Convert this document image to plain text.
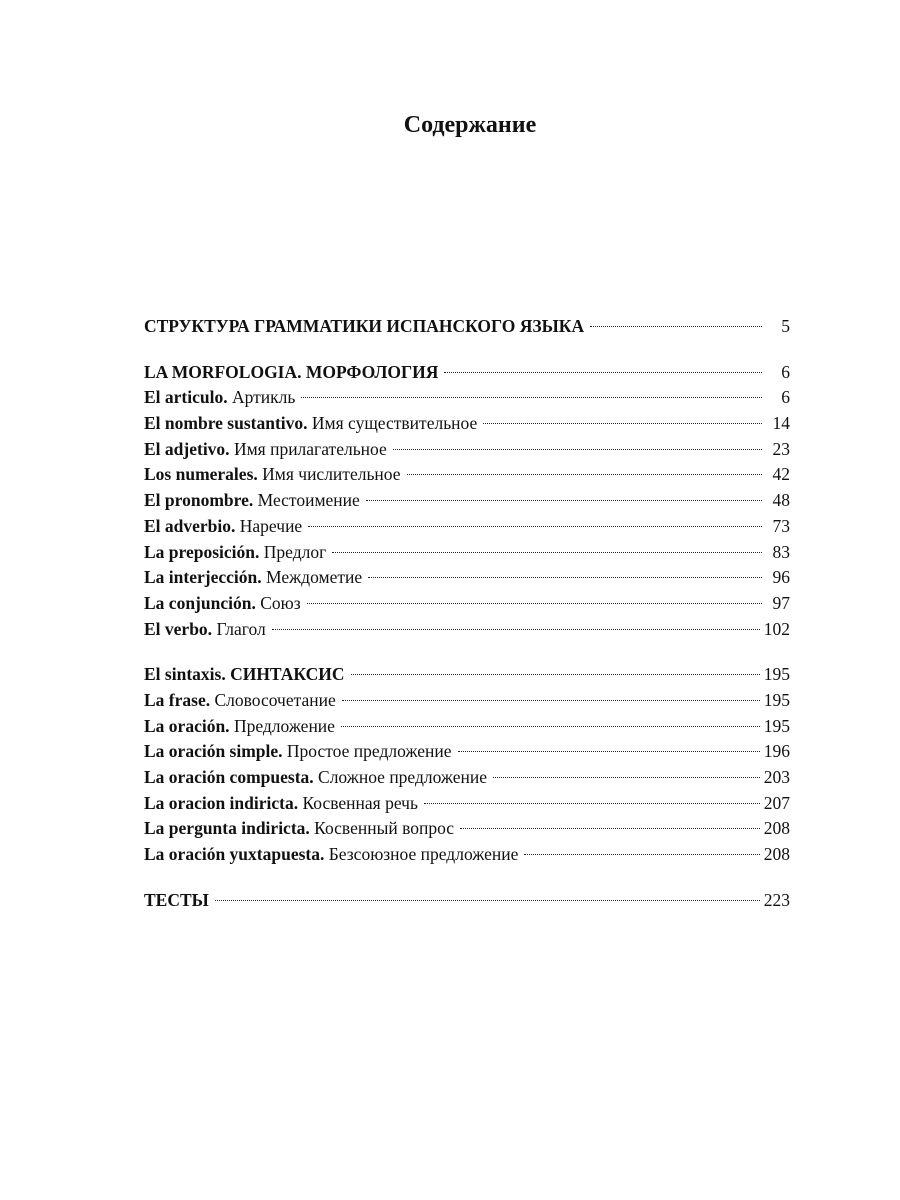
Содержание
СТРУКТУРА ГРАММАТИКИ ИСПАНСКОГО ЯЗЫКА	5
LA MORFOLOGIA. МОРФОЛОГИЯ	6
El articulo. Артикль	6
El nombre sustantivo. Имя существительное	14
El adjetivo. Имя прилагательное	23
Los numerales. Имя числительное	42
El pronombre. Местоимение	48
El adverbio. Наречие	73
La preposición. Предлог	83
La interjección. Междометие	96
La conjunción. Союз	97
El verbo. Глагол	102
El sintaxis. СИНТАКСИС	195
La frase. Словосочетание	195
La oración. Предложение	195
La oración simple. Простое предложение	196
La oración compuesta. Сложное предложение	203
La oracion indiricta. Косвенная речь	207
La pergunta indiricta. Косвенный вопрос	208
La oración yuxtapuesta. Безсоюзное предложение	208
ТЕСТЫ	223
